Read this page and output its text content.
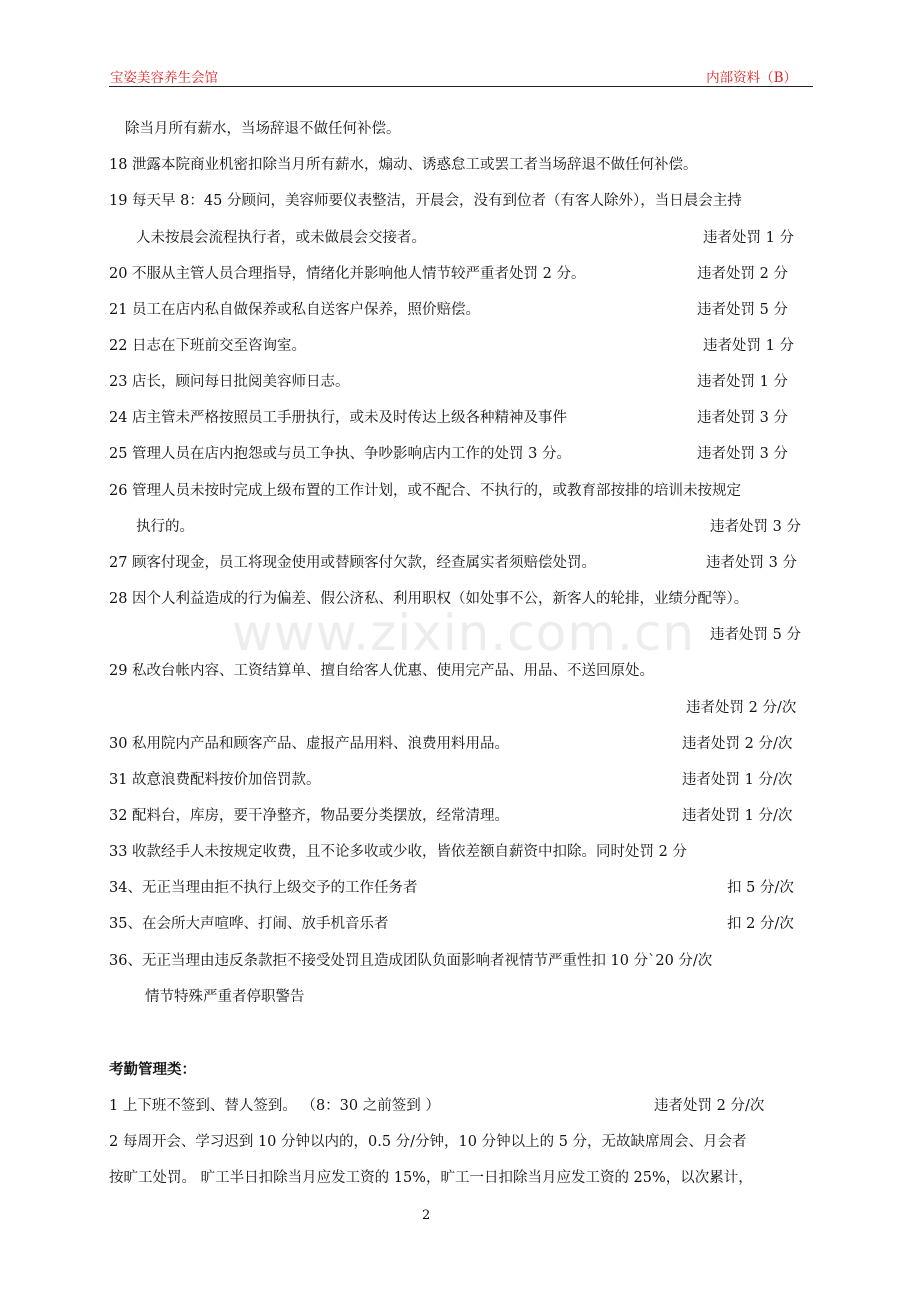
宝姿美容养生会馆	内部资料（B）
www.zixin.com.cn
除当月所有薪水，当场辞退不做任何补偿。
18 泄露本院商业机密扣除当月所有薪水，煽动、诱惑怠工或罢工者当场辞退不做任何补偿。
19 每天早 8：45 分顾问，美容师要仪表整洁，开晨会，没有到位者（有客人除外），当日晨会主持
人未按晨会流程执行者，或未做晨会交接者。	违者处罚 1 分
20 不服从主管人员合理指导，情绪化并影响他人情节较严重者处罚 2 分。	违者处罚 2 分
21 员工在店内私自做保养或私自送客户保养，照价赔偿。	违者处罚 5 分
22 日志在下班前交至咨询室。	违者处罚 1 分
23 店长，顾问每日批阅美容师日志。	违者处罚 1 分
24 店主管未严格按照员工手册执行，或未及时传达上级各种精神及事件	违者处罚 3 分
25 管理人员在店内抱怨或与员工争执、争吵影响店内工作的处罚 3 分。	违者处罚 3 分
26 管理人员未按时完成上级布置的工作计划，或不配合、不执行的，或教育部按排的培训未按规定
执行的。	违者处罚 3 分
27 顾客付现金，员工将现金使用或替顾客付欠款，经查属实者须赔偿处罚。	违者处罚 3 分
28 因个人利益造成的行为偏差、假公济私、利用职权（如处事不公，新客人的轮排，业绩分配等）。
违者处罚 5 分
29 私改台帐内容、工资结算单、擅自给客人优惠、使用完产品、用品、不送回原处。
违者处罚 2 分/次
30 私用院内产品和顾客产品、虚报产品用料、浪费用料用品。	违者处罚 2 分/次
31 故意浪费配料按价加倍罚款。	违者处罚 1 分/次
32 配料台，库房，要干净整齐，物品要分类摆放，经常清理。	违者处罚 1 分/次
33 收款经手人未按规定收费，且不论多收或少收，皆依差额自薪资中扣除。同时处罚 2 分
34、无正当理由拒不执行上级交予的工作任务者	扣 5 分/次
35、在会所大声喧哗、打闹、放手机音乐者	扣 2 分/次
36、无正当理由违反条款拒不接受处罚且造成团队负面影响者视情节严重性扣 10 分`20 分/次
情节特殊严重者停职警告
考勤管理类：
1 上下班不签到、替人签到。 （8：30 之前签到 ）	违者处罚 2 分/次
2 每周开会、学习迟到 10 分钟以内的，0.5 分/分钟，10 分钟以上的 5 分，无故缺席周会、月会者
按旷工处罚。 旷工半日扣除当月应发工资的 15%，旷工一日扣除当月应发工资的 25%，以次累计，
2
